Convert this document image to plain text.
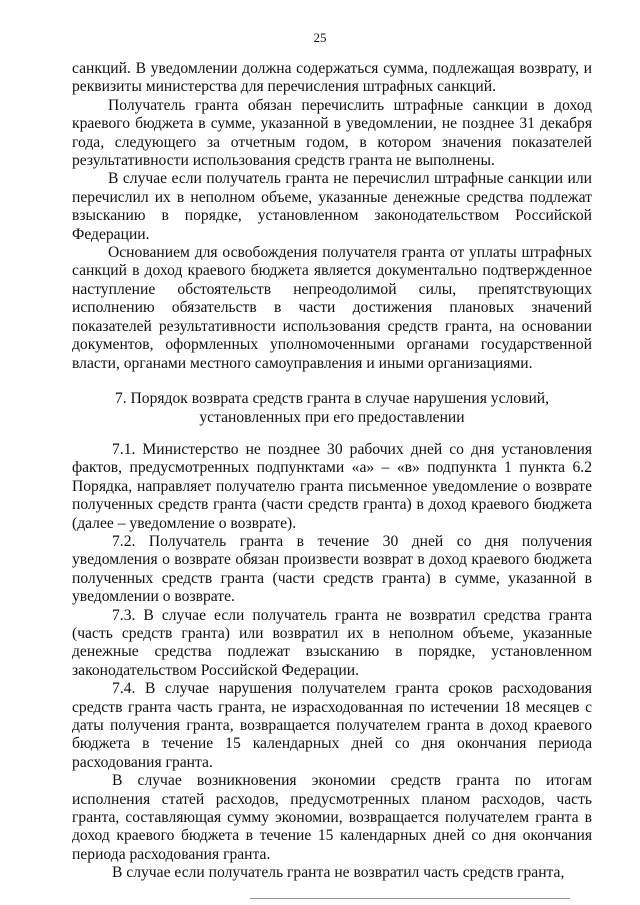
25

санкций. В уведомлении должна содержаться сумма, подлежащая возврату, и реквизиты министерства для перечисления штрафных санкций.

Получатель гранта обязан перечислить штрафные санкции в доход краевого бюджета в сумме, указанной в уведомлении, не позднее 31 декабря года, следующего за отчетным годом, в котором значения показателей результативности использования средств гранта не выполнены.

В случае если получатель гранта не перечислил штрафные санкции или перечислил их в неполном объеме, указанные денежные средства подлежат взысканию в порядке, установленном законодательством Российской Федерации.

Основанием для освобождения получателя гранта от уплаты штрафных санкций в доход краевого бюджета является документально подтвержденное наступление обстоятельств непреодолимой силы, препятствующих исполнению обязательств в части достижения плановых значений показателей результативности использования средств гранта, на основании документов, оформленных уполномоченными органами государственной власти, органами местного самоуправления и иными организациями.

7. Порядок возврата средств гранта в случае нарушения условий,
установленных при его предоставлении

7.1. Министерство не позднее 30 рабочих дней со дня установления фактов, предусмотренных подпунктами «а» – «в» подпункта 1 пункта 6.2 Порядка, направляет получателю гранта письменное уведомление о возврате полученных средств гранта (части средств гранта) в доход краевого бюджета (далее – уведомление о возврате).

7.2. Получатель гранта в течение 30 дней со дня получения уведомления о возврате обязан произвести возврат в доход краевого бюджета полученных средств гранта (части средств гранта) в сумме, указанной в уведомлении о возврате.

7.3. В случае если получатель гранта не возвратил средства гранта (часть средств гранта) или возвратил их в неполном объеме, указанные денежные средства подлежат взысканию в порядке, установленном законодательством Российской Федерации.

7.4. В случае нарушения получателем гранта сроков расходования средств гранта часть гранта, не израсходованная по истечении 18 месяцев с даты получения гранта, возвращается получателем гранта в доход краевого бюджета в течение 15 календарных дней со дня окончания периода расходования гранта.

В случае возникновения экономии средств гранта по итогам исполнения статей расходов, предусмотренных планом расходов, часть гранта, составляющая сумму экономии, возвращается получателем гранта в доход краевого бюджета в течение 15 календарных дней со дня окончания периода расходования гранта.

В случае если получатель гранта не возвратил часть средств гранта,
